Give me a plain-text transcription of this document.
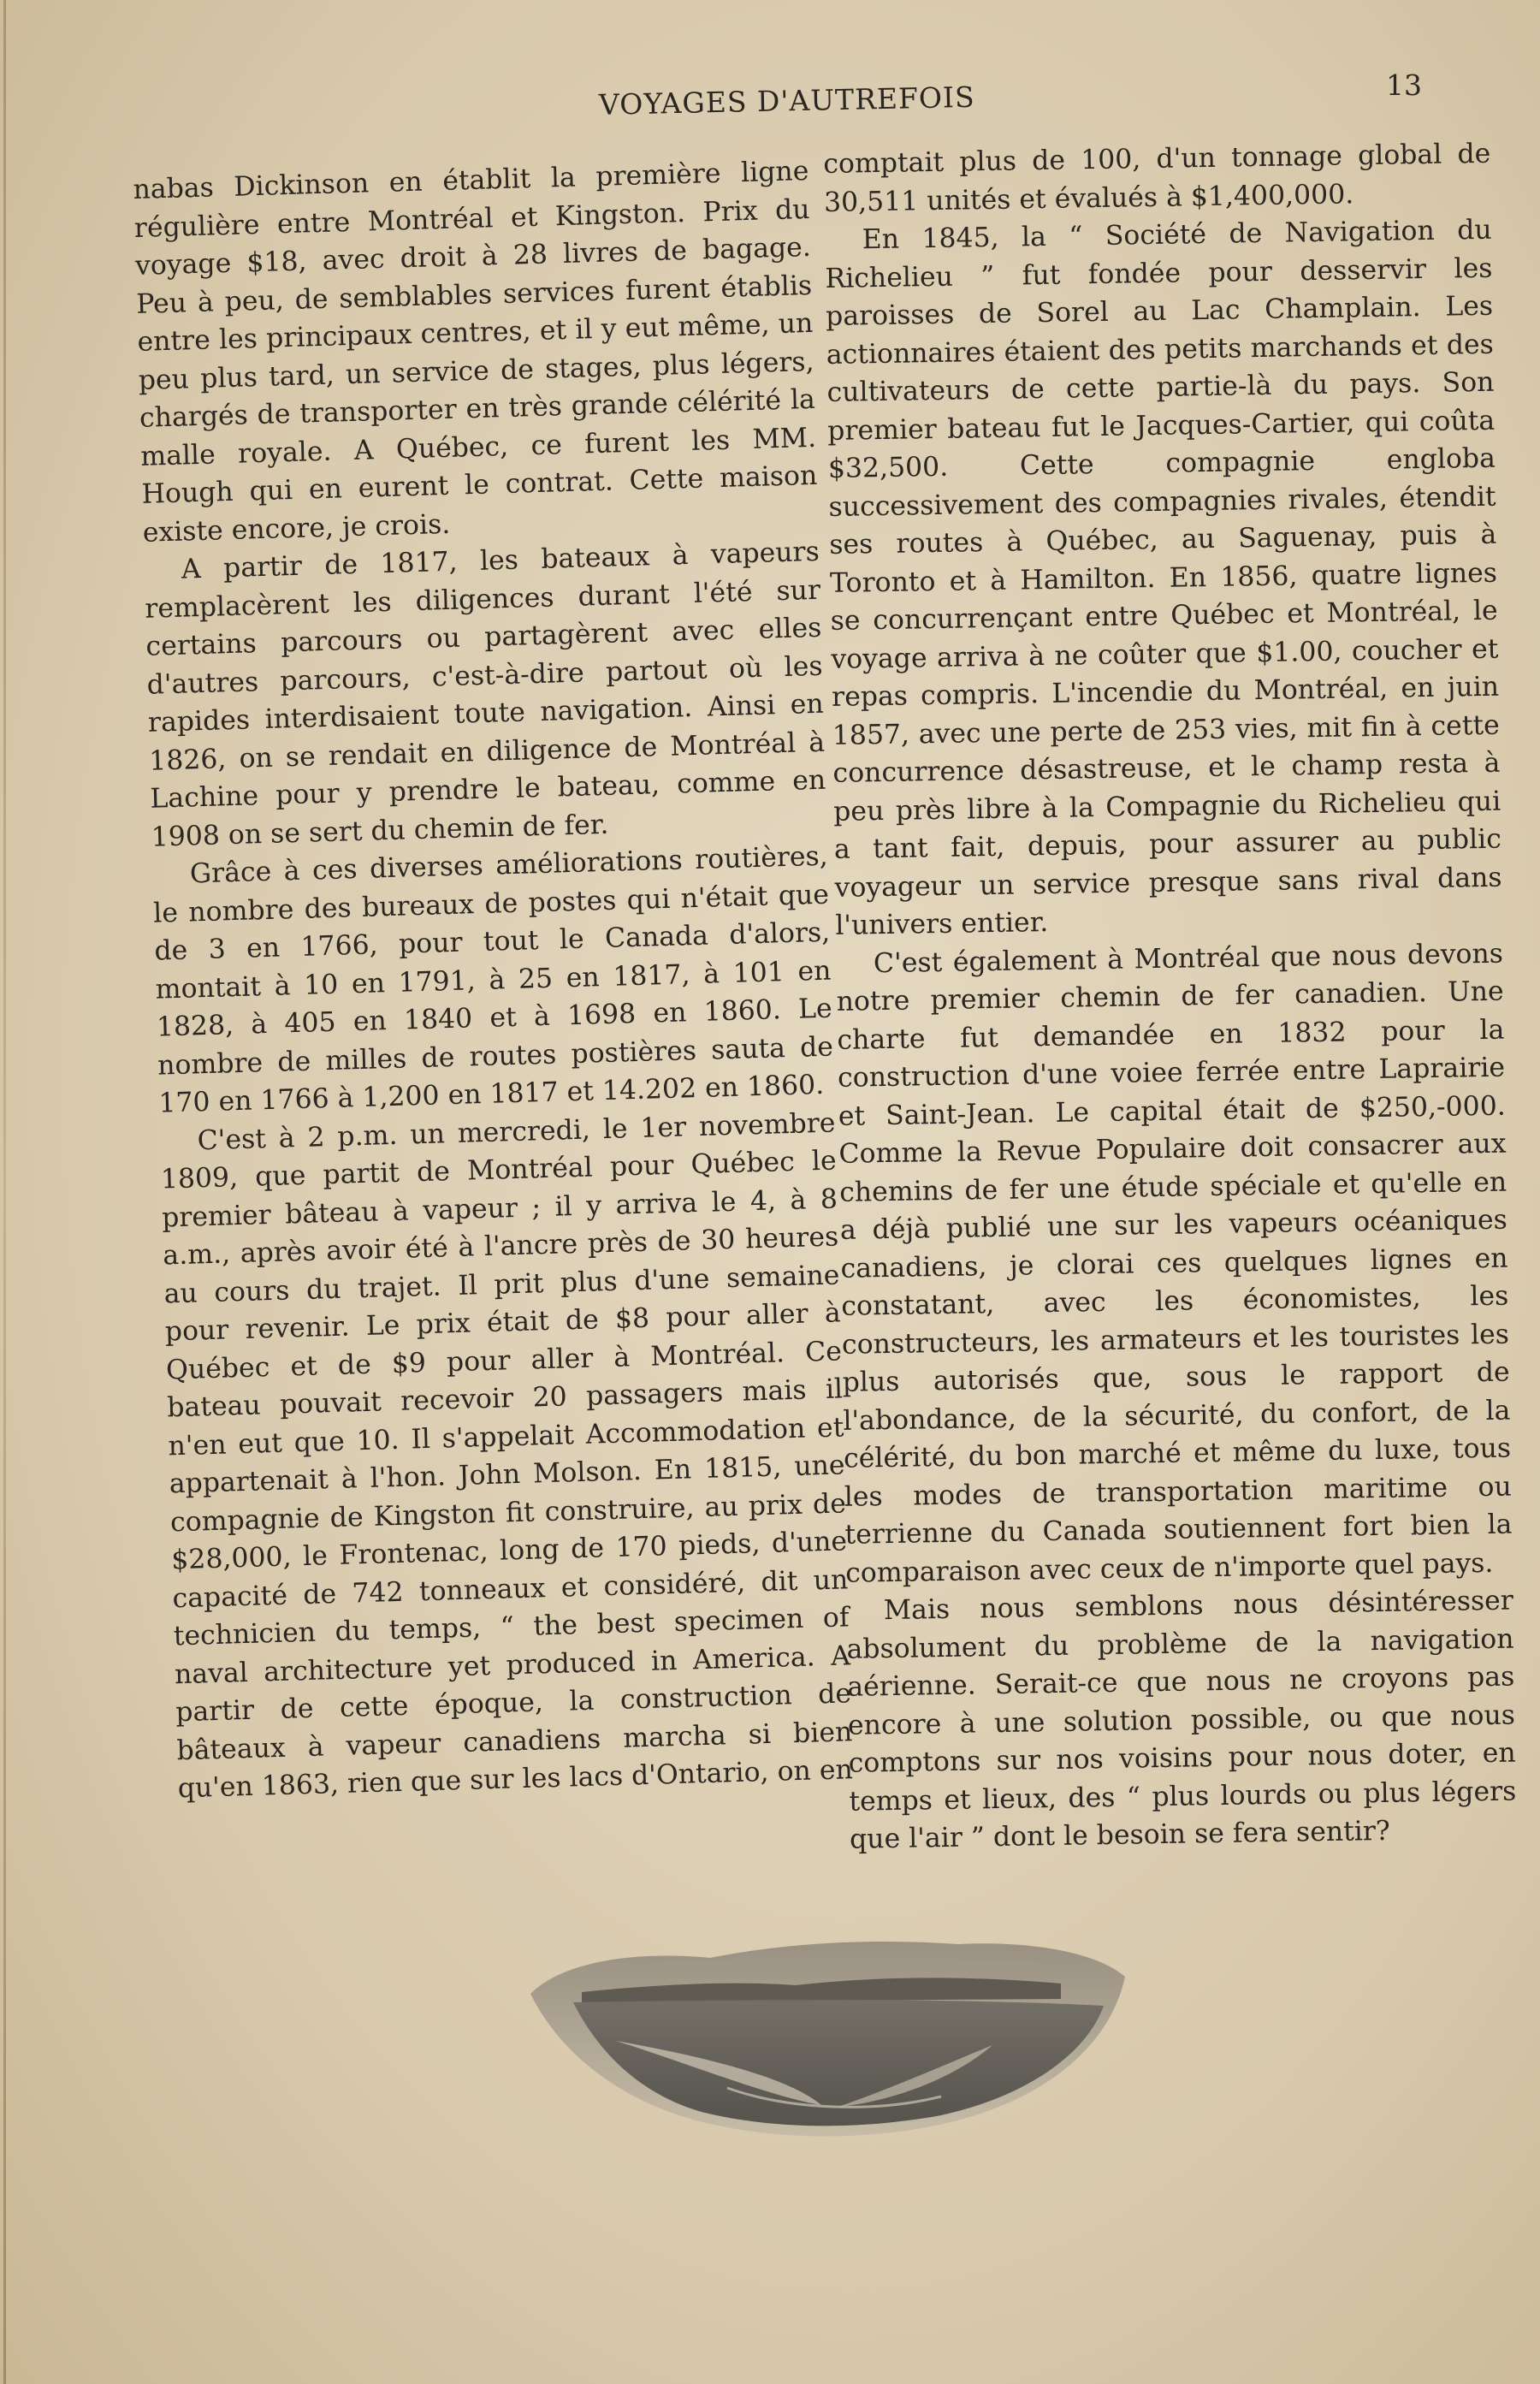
VOYAGES D'AUTREFOIS	13

nabas Dickinson en établit la première ligne régulière entre Montréal et Kingston. Prix du voyage $18, avec droit à 28 livres de bagage. Peu à peu, de semblables services furent établis entre les principaux centres, et il y eut même, un peu plus tard, un service de stages, plus légers, chargés de transporter en très grande célérité la malle royale. A Québec, ce furent les MM. Hough qui en eurent le contrat. Cette maison existe encore, je crois.

A partir de 1817, les bateaux à vapeurs remplacèrent les diligences durant l'été sur certains parcours ou partagèrent avec elles d'autres parcours, c'est-à-dire partout où les rapides interdisaient toute navigation. Ainsi en 1826, on se rendait en diligence de Montréal à Lachine pour y prendre le bateau, comme en 1908 on se sert du chemin de fer.

Grâce à ces diverses améliorations routières, le nombre des bureaux de postes qui n'était que de 3 en 1766, pour tout le Canada d'alors, montait à 10 en 1791, à 25 en 1817, à 101 en 1828, à 405 en 1840 et à 1698 en 1860. Le nombre de milles de routes postières sauta de 170 en 1766 à 1,200 en 1817 et 14.202 en 1860.

C'est à 2 p.m. un mercredi, le 1er novembre 1809, que partit de Montréal pour Québec le premier bâteau à vapeur ; il y arriva le 4, à 8 a.m., après avoir été à l'ancre près de 30 heures au cours du trajet. Il prit plus d'une semaine pour revenir. Le prix était de $8 pour aller à Québec et de $9 pour aller à Montréal. Ce bateau pouvait recevoir 20 passagers mais il n'en eut que 10. Il s'appelait Accommodation et appartenait à l'hon. John Molson. En 1815, une compagnie de Kingston fit construire, au prix de $28,000, le Frontenac, long de 170 pieds, d'une capacité de 742 tonneaux et considéré, dit un technicien du temps, “ the best specimen of naval architecture yet produced in America. A partir de cette époque, la construction de bâteaux à vapeur canadiens marcha si bien qu'en 1863, rien que sur les lacs d'Ontario, on en

comptait plus de 100, d'un tonnage global de 30,511 unités et évalués à $1,400,000.

En 1845, la “ Société de Navigation du Richelieu ” fut fondée pour desservir les paroisses de Sorel au Lac Champlain. Les actionnaires étaient des petits marchands et des cultivateurs de cette partie-là du pays. Son premier bateau fut le Jacques-Cartier, qui coûta $32,500. Cette compagnie engloba successivement des compagnies rivales, étendit ses routes à Québec, au Saguenay, puis à Toronto et à Hamilton. En 1856, quatre lignes se concurrençant entre Québec et Montréal, le voyage arriva à ne coûter que $1.00, coucher et repas compris. L'incendie du Montréal, en juin 1857, avec une perte de 253 vies, mit fin à cette concurrence désastreuse, et le champ resta à peu près libre à la Compagnie du Richelieu qui a tant fait, depuis, pour assurer au public voyageur un service presque sans rival dans l'univers entier.

C'est également à Montréal que nous devons notre premier chemin de fer canadien. Une charte fut demandée en 1832 pour la construction d'une voiee ferrée entre Laprairie et Saint-Jean. Le capital était de $250,-000. Comme la Revue Populaire doit consacrer aux chemins de fer une étude spéciale et qu'elle en a déjà publié une sur les vapeurs océaniques canadiens, je clorai ces quelques lignes en constatant, avec les économistes, les constructeurs, les armateurs et les touristes les plus autorisés que, sous le rapport de l'abondance, de la sécurité, du confort, de la célérité, du bon marché et même du luxe, tous les modes de transportation maritime ou terrienne du Canada soutiennent fort bien la comparaison avec ceux de n'importe quel pays.

Mais nous semblons nous désintéresser absolument du problème de la navigation aérienne. Serait-ce que nous ne croyons pas encore à une solution possible, ou que nous comptons sur nos voisins pour nous doter, en temps et lieux, des “ plus lourds ou plus légers que l'air ” dont le besoin se fera sentir?
